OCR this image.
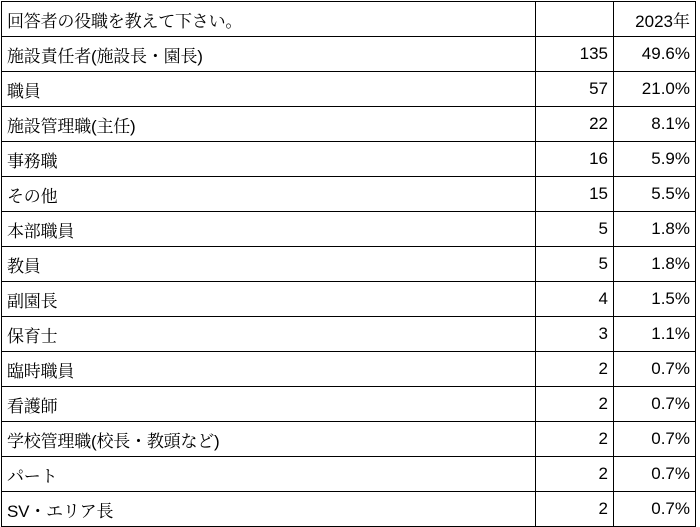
回答者の役職を教えて下さい。		2023年
施設責任者(施設長・園長)	135	49.6%
職員	57	21.0%
施設管理職(主任)	22	8.1%
事務職	16	5.9%
その他	15	5.5%
本部職員	5	1.8%
教員	5	1.8%
副園長	4	1.5%
保育士	3	1.1%
臨時職員	2	0.7%
看護師	2	0.7%
学校管理職(校長・教頭など)	2	0.7%
パート	2	0.7%
SV・エリア長	2	0.7%
